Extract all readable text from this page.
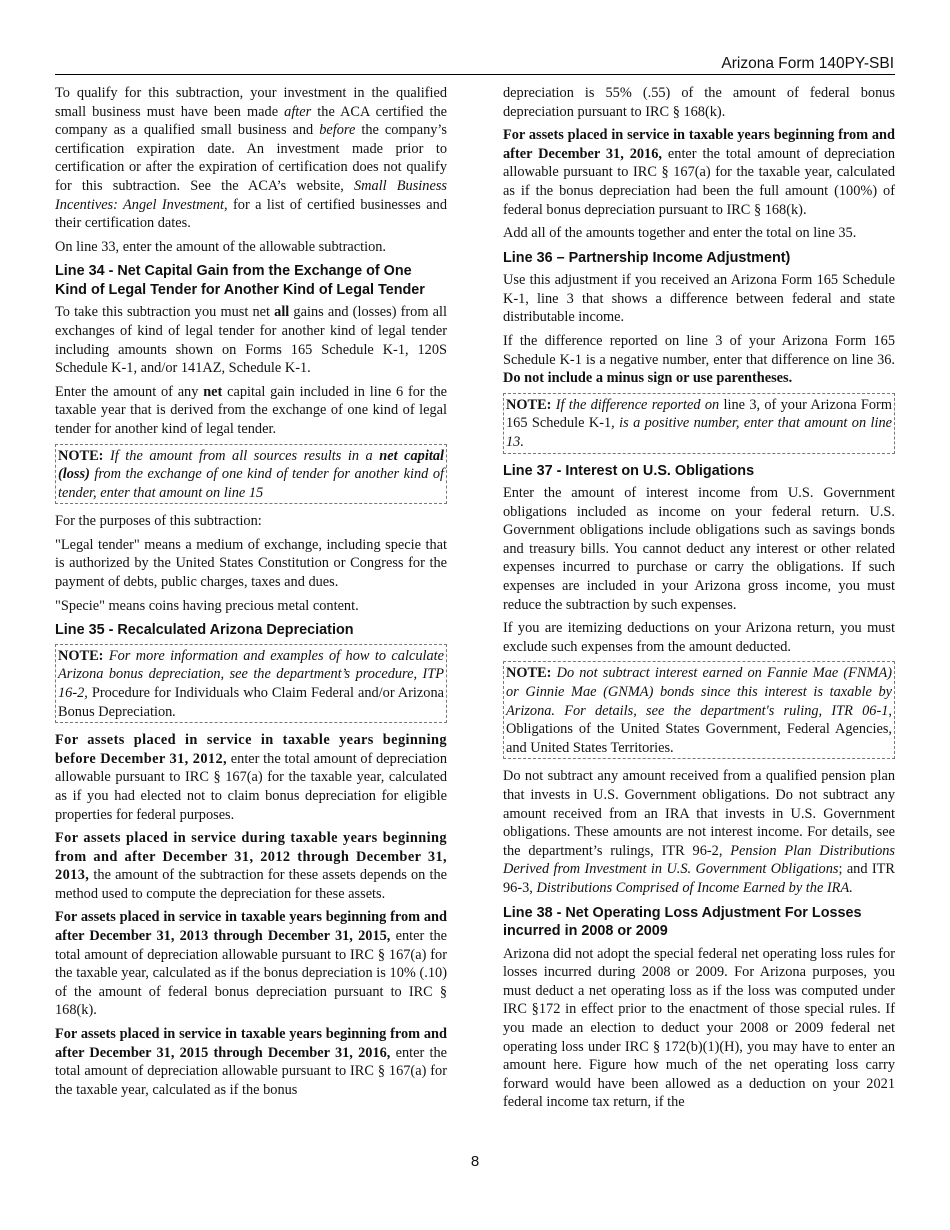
Arizona Form 140PY-SBI

To qualify for this subtraction, your investment in the qualified small business must have been made after the ACA certified the company as a qualified small business and before the company’s certification expiration date. An investment made prior to certification or after the expiration of certification does not qualify for this subtraction. See the ACA’s website, Small Business Incentives: Angel Investment, for a list of certified businesses and their certification dates.

On line 33, enter the amount of the allowable subtraction.

Line 34 - Net Capital Gain from the Exchange of One Kind of Legal Tender for Another Kind of Legal Tender

To take this subtraction you must net all gains and (losses) from all exchanges of kind of legal tender for another kind of legal tender including amounts shown on Forms 165 Schedule K-1, 120S Schedule K-1, and/or 141AZ, Schedule K-1.

Enter the amount of any net capital gain included in line 6 for the taxable year that is derived from the exchange of one kind of legal tender for another kind of legal tender.

NOTE: If the amount from all sources results in a net capital (loss) from the exchange of one kind of tender for another kind of tender, enter that amount on line 15

For the purposes of this subtraction:

"Legal tender" means a medium of exchange, including specie that is authorized by the United States Constitution or Congress for the payment of debts, public charges, taxes and dues.

"Specie" means coins having precious metal content.

Line 35 - Recalculated Arizona Depreciation
NOTE: For more information and examples of how to calculate Arizona bonus depreciation, see the department’s procedure, ITP 16-2, Procedure for Individuals who Claim Federal and/or Arizona Bonus Depreciation.

For assets placed in service in taxable years beginning before December 31, 2012, enter the total amount of depreciation allowable pursuant to IRC § 167(a) for the taxable year, calculated as if you had elected not to claim bonus depreciation for eligible properties for federal purposes.

For assets placed in service during taxable years beginning from and after December 31, 2012 through December 31, 2013, the amount of the subtraction for these assets depends on the method used to compute the depreciation for these assets.

For assets placed in service in taxable years beginning from and after December 31, 2013 through December 31, 2015, enter the total amount of depreciation allowable pursuant to IRC § 167(a) for the taxable year, calculated as if the bonus depreciation is 10% (.10) of the amount of federal bonus depreciation pursuant to IRC § 168(k).

For assets placed in service in taxable years beginning from and after December 31, 2015 through December 31, 2016, enter the total amount of depreciation allowable pursuant to IRC § 167(a) for the taxable year, calculated as if the bonus

depreciation is 55% (.55) of the amount of federal bonus depreciation pursuant to IRC § 168(k).

For assets placed in service in taxable years beginning from and after December 31, 2016, enter the total amount of depreciation allowable pursuant to IRC § 167(a) for the taxable year, calculated as if the bonus depreciation had been the full amount (100%) of federal bonus depreciation pursuant to IRC § 168(k).

Add all of the amounts together and enter the total on line 35.

Line 36 – Partnership Income Adjustment)

Use this adjustment if you received an Arizona Form 165 Schedule K-1, line 3 that shows a difference between federal and state distributable income.

If the difference reported on line 3 of your Arizona Form 165 Schedule K-1 is a negative number, enter that difference on line 36. Do not include a minus sign or use parentheses.

NOTE: If the difference reported on line 3, of your Arizona Form 165 Schedule K-1, is a positive number, enter that amount on line 13.
Line 37 - Interest on U.S. Obligations

Enter the amount of interest income from U.S. Government obligations included as income on your federal return. U.S. Government obligations include obligations such as savings bonds and treasury bills. You cannot deduct any interest or other related expenses incurred to purchase or carry the obligations. If such expenses are included in your Arizona gross income, you must reduce the subtraction by such expenses.

If you are itemizing deductions on your Arizona return, you must exclude such expenses from the amount deducted.

NOTE: Do not subtract interest earned on Fannie Mae (FNMA) or Ginnie Mae (GNMA) bonds since this interest is taxable by Arizona. For details, see the department's ruling, ITR 06-1, Obligations of the United States Government, Federal Agencies, and United States Territories.

Do not subtract any amount received from a qualified pension plan that invests in U.S. Government obligations. Do not subtract any amount received from an IRA that invests in U.S. Government obligations. These amounts are not interest income. For details, see the department’s rulings, ITR 96-2, Pension Plan Distributions Derived from Investment in U.S. Government Obligations; and ITR 96-3, Distributions Comprised of Income Earned by the IRA.

Line 38 - Net Operating Loss Adjustment For Losses incurred in 2008 or 2009

Arizona did not adopt the special federal net operating loss rules for losses incurred during 2008 or 2009. For Arizona purposes, you must deduct a net operating loss as if the loss was computed under IRC §172 in effect prior to the enactment of those special rules. If you made an election to deduct your 2008 or 2009 federal net operating loss under IRC § 172(b)(1)(H), you may have to enter an amount here. Figure how much of the net operating loss carry forward would have been allowed as a deduction on your 2021 federal income tax return, if the

8
